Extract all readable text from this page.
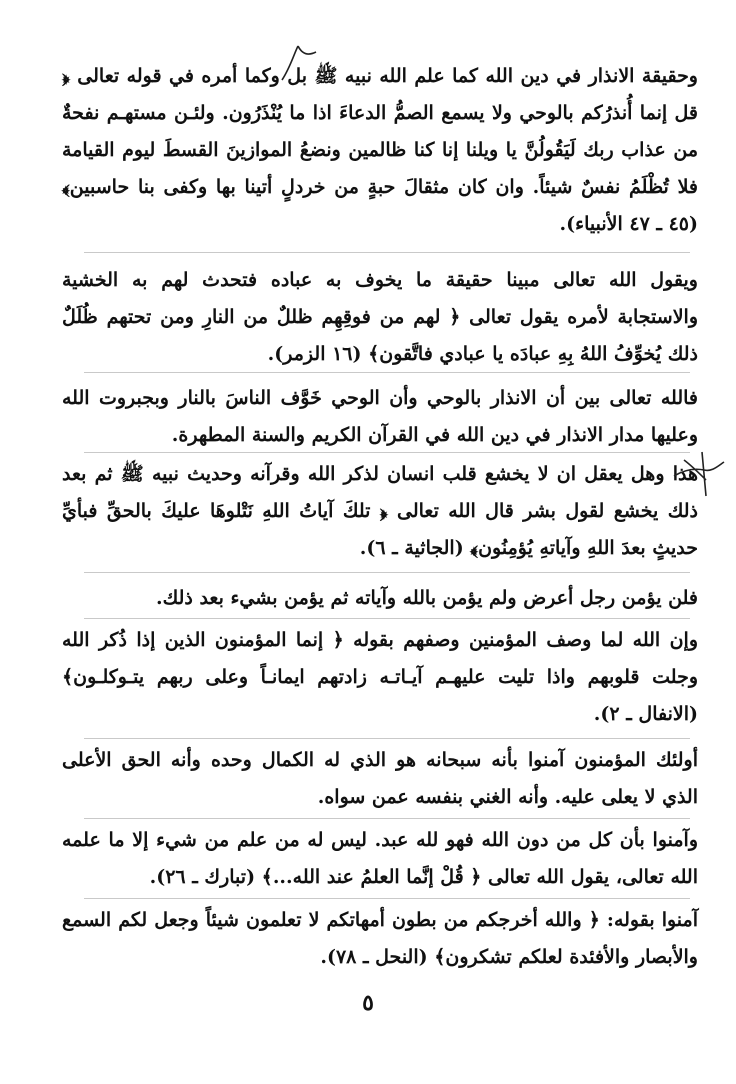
وحقيقة الانذار في دين الله كما علم الله نبيه ﷺ بل وكما أمره في قوله تعالى ﴿ قل إنما أُنذرُكم بالوحي ولا يسمع الصمُّ الدعاءَ اذا ما يُنْذَرُون. ولئـن مستهـم نفحةٌ من عذاب ربك لَيَقُولُنَّ يا ويلنا إنا كنا ظالمين ونضعُ الموازينَ القسطَ ليوم القيامة فلا تُظْلَمُ نفسٌ شيئاً. وان كان مثقالَ حبةٍ من خردلٍ أتينا بها وكفى بنا حاسبين﴾ (٤٥ ـ ٤٧ الأنبياء).

ويقول الله تعالى مبينا حقيقة ما يخوف به عباده فتحدث لهم به الخشية والاستجابة لأمره يقول تعالى ﴿ لهم من فوقِهِم ظللٌ من النارِ ومن تحتهم ظُلَلٌ ذلك يُخوِّفُ اللهُ بِهِ عبادَه يا عبادي فاتَّقون﴾ (١٦ الزمر).

فالله تعالى بين أن الانذار بالوحي وأن الوحي خَوَّف الناسَ بالنار وبجبروت الله وعليها مدار الانذار في دين الله في القرآن الكريم والسنة المطهرة.

هذا وهل يعقل ان لا يخشع قلب انسان لذكر الله وقرآنه وحديث نبيه ﷺ ثم بعد ذلك يخشع لقول بشر قال الله تعالى ﴿ تلكَ آياتُ اللهِ نَتْلوهَا عليكَ بالحقِّ فبأيِّ حديثٍ بعدَ اللهِ وآياتهِ يُؤمِنُون﴾ (الجاثية ـ ٦).

فلن يؤمن رجل أعرض ولم يؤمن بالله وآياته ثم يؤمن بشيء بعد ذلك.

وإن الله لما وصف المؤمنين وصفهم بقوله ﴿ إنما المؤمنون الذين إذا ذُكر الله وجلت قلوبهم واذا تليت عليهـم آيـاتـه زادتهم ايمانـاً وعلى ربهم يتـوكلـون﴾ (الانفال ـ ٢).

أولئك المؤمنون آمنوا بأنه سبحانه هو الذي له الكمال وحده وأنه الحق الأعلى الذي لا يعلى عليه. وأنه الغني بنفسه عمن سواه.

وآمنوا بأن كل من دون الله فهو لله عبد. ليس له من علم من شيء إلا ما علمه الله تعالى، يقول الله تعالى ﴿ قُلْ إنَّما العلمُ عند الله...﴾ (تبارك ـ ٢٦).

آمنوا بقوله: ﴿ والله أخرجكم من بطون أمهاتكم لا تعلمون شيئاً وجعل لكم السمع والأبصار والأفئدة لعلكم تشكرون﴾ (النحل ـ ٧٨).

٥
